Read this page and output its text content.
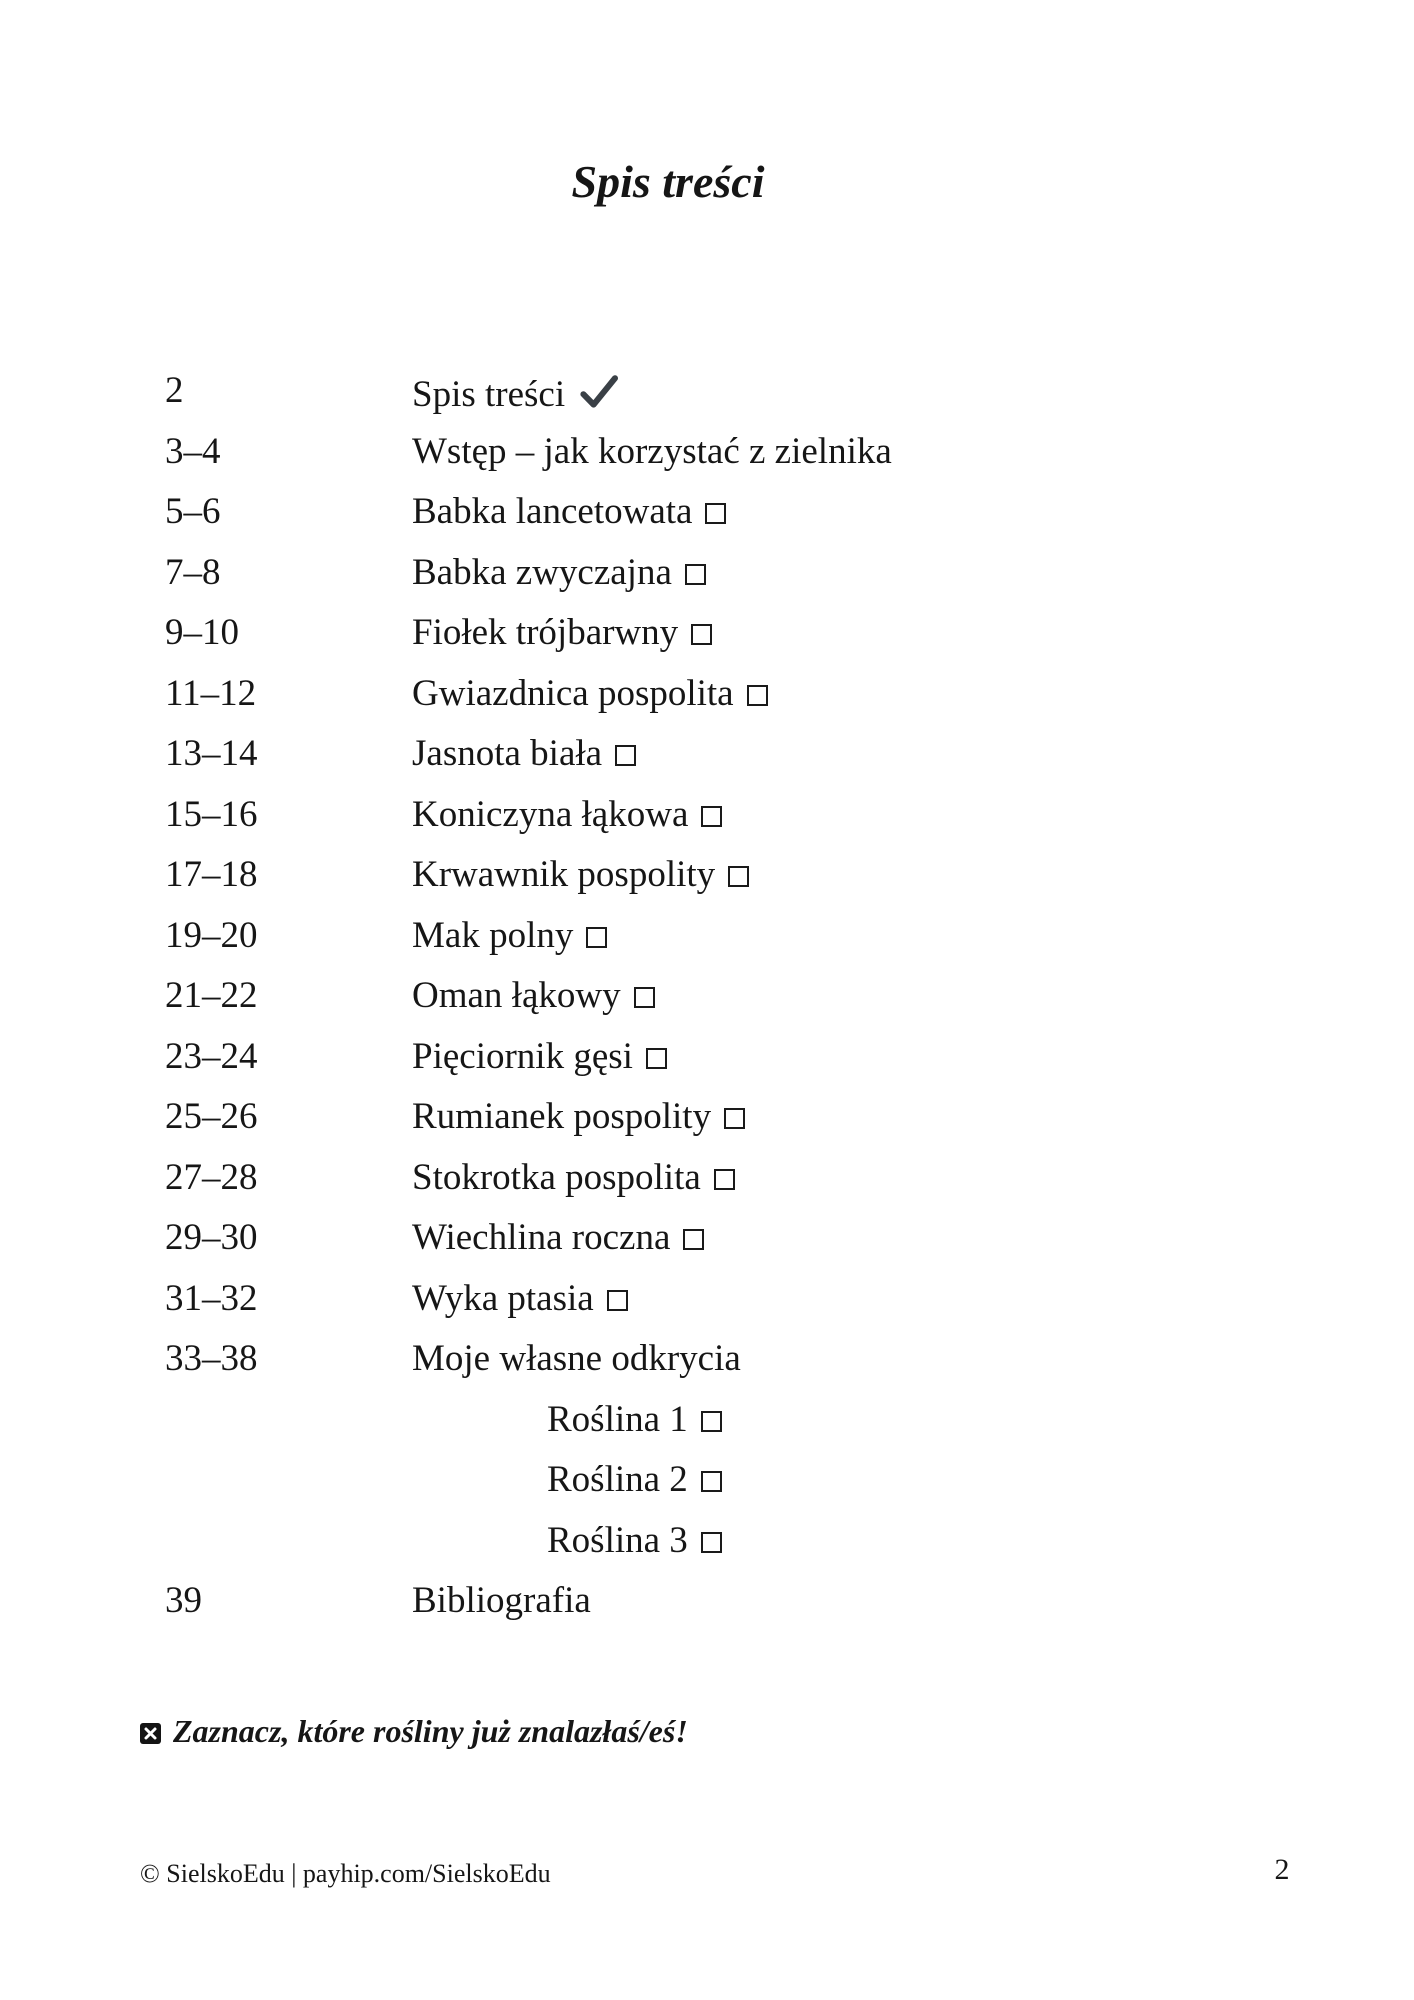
Spis treści
2	Spis treści
3–4	Wstęp – jak korzystać z zielnika
5–6	Babka lancetowata
7–8	Babka zwyczajna
9–10	Fiołek trójbarwny
11–12	Gwiazdnica pospolita
13–14	Jasnota biała
15–16	Koniczyna łąkowa
17–18	Krwawnik pospolity
19–20	Mak polny
21–22	Oman łąkowy
23–24	Pięciornik gęsi
25–26	Rumianek pospolity
27–28	Stokrotka pospolita
29–30	Wiechlina roczna
31–32	Wyka ptasia
33–38	Moje własne odkrycia
Roślina 1
Roślina 2
Roślina 3
39	Bibliografia
Zaznacz, które rośliny już znalazłaś/eś!
© SielskoEdu | payhip.com/SielskoEdu	2
